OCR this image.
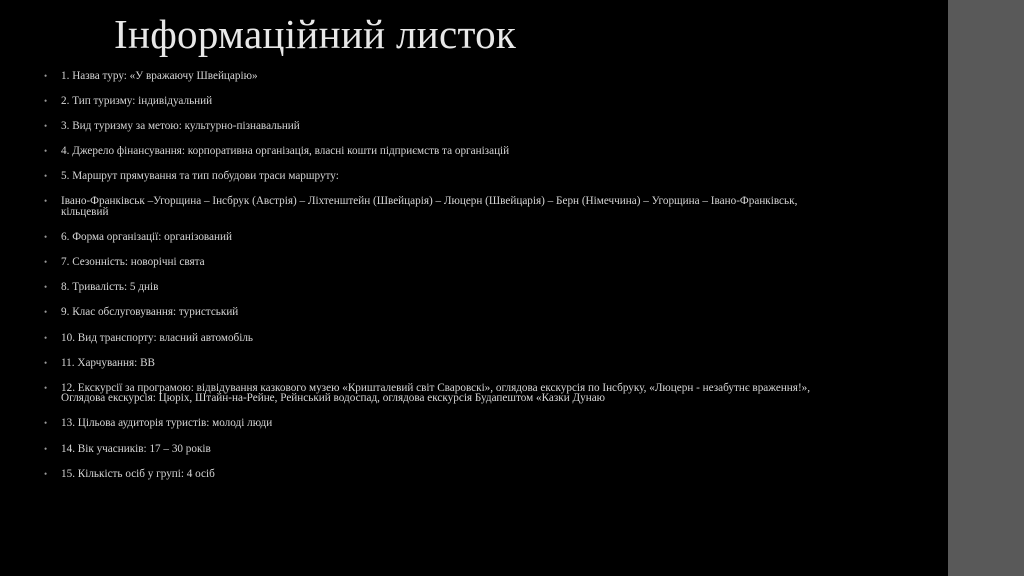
Інформаційний листок
• 1. Назва туру: «У вражаючу Швейцарію»
• 2. Тип туризму: індивідуальний
• 3. Вид туризму за метою: культурно-пізнавальний
• 4. Джерело фінансування: корпоративна організація, власні кошти підприємств та організацій
• 5. Маршрут прямування та тип побудови траси маршруту:
• Івано-Франківськ –Угорщина – Інсбрук (Австрія) – Ліхтенштейн (Швейцарія) – Люцерн (Швейцарія) – Берн (Німеччина) – Угорщина – Івано-Франківськ, кільцевий
• 6. Форма організації: організований
• 7. Сезонність: новорічні свята
• 8. Тривалість: 5 днів
• 9. Клас обслуговування: туристський
• 10. Вид транспорту: власний автомобіль
• 11. Харчування: BB
• 12. Екскурсії за програмою: відвідування казкового музею «Кришталевий світ Сваровскі», оглядова екскурсія по Інсбруку, «Люцерн - незабутнє враження!», Оглядова екскурсія: Цюріх, Штайн-на-Рейне, Рейнський водоспад, оглядова екскурсія Будапештом «Казки Дунаю
• 13. Цільова аудиторія туристів: молоді люди
• 14. Вік учасників: 17 – 30 років
• 15. Кількість осіб у групі: 4 осіб
